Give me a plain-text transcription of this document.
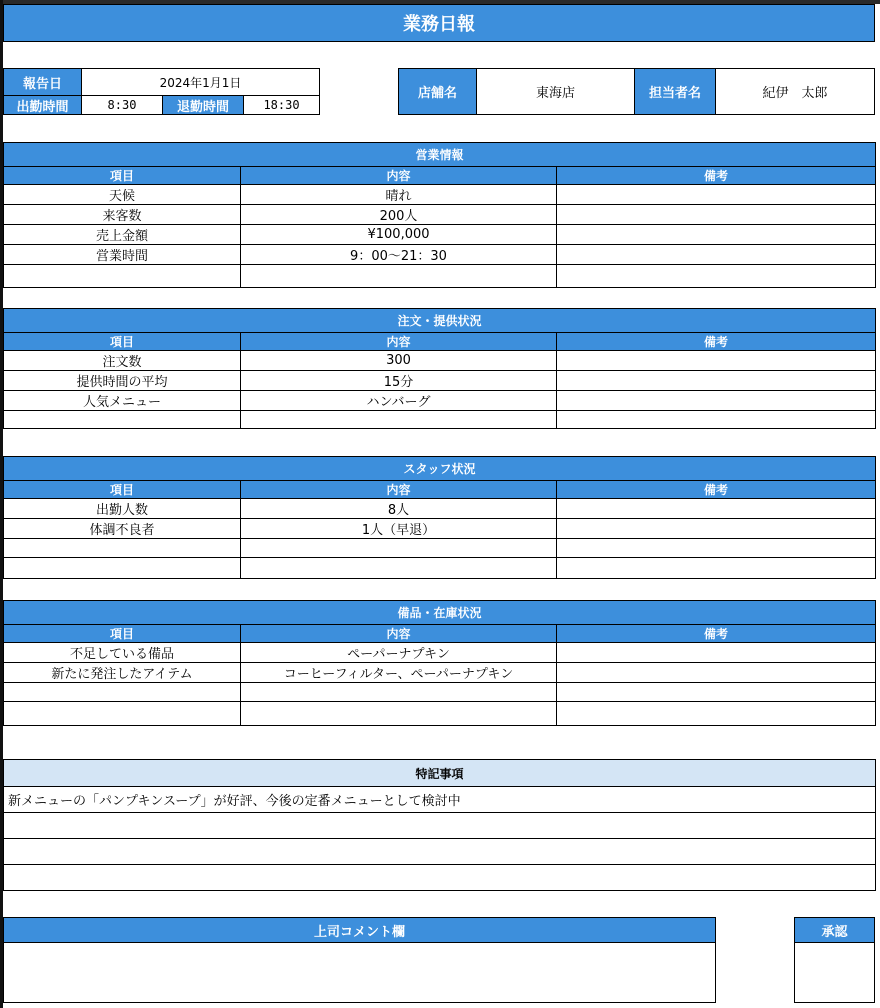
業務日報
報告日	2024年1月1日
出勤時間	8:30	退勤時間	18:30
店舗名	東海店	担当者名	紀伊　太郎
営業情報		
項目	内容	備考
天候	晴れ	
来客数	200人	
売上金額	¥100,000	
営業時間	9：00〜21：30	

注文・提供状況		
項目	内容	備考
注文数	300	
提供時間の平均	15分	
人気メニュー	ハンバーグ	

スタッフ状況		
項目	内容	備考
出勤人数	8人	
体調不良者	1人（早退）	

備品・在庫状況		
項目	内容	備考
不足している備品	ペーパーナプキン	
新たに発注したアイテム	コーヒーフィルター、ペーパーナプキン	

特記事項
新メニューの「パンプキンスープ」が好評、今後の定番メニューとして検討中

上司コメント欄	承認
